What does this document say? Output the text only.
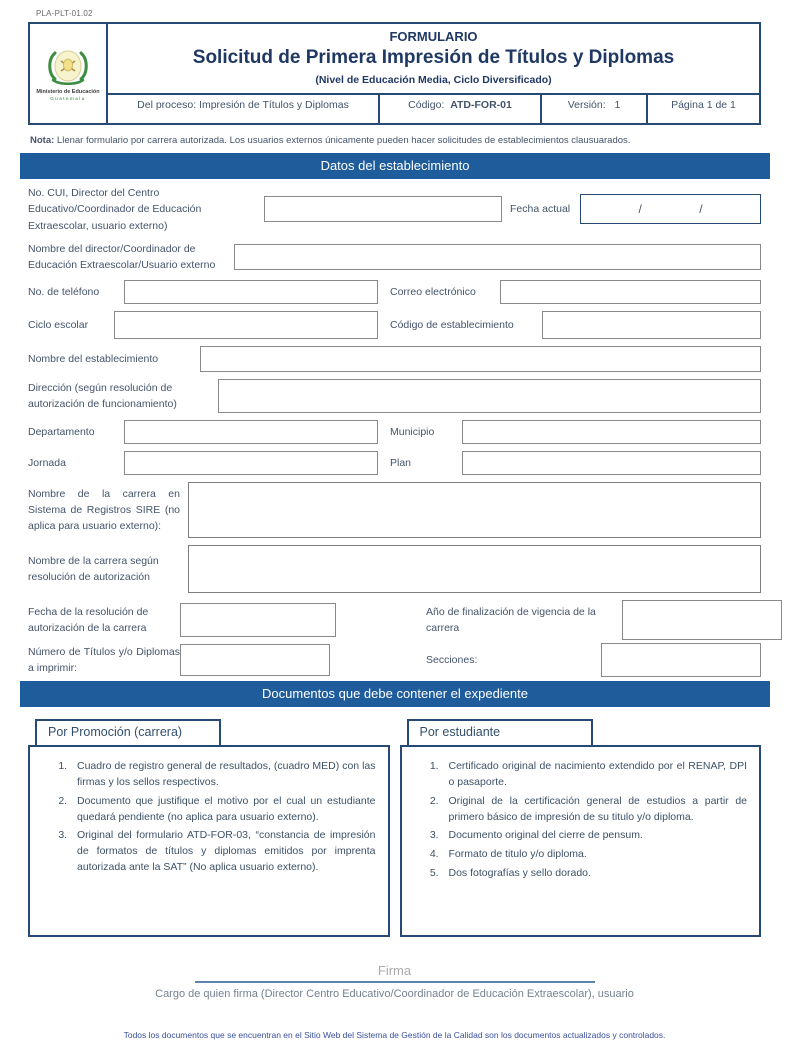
PLA-PLT-01.02
Ministerio de Educación
Guatemala
FORMULARIO
Solicitud de Primera Impresión de Títulos y Diplomas
(Nivel de Educación Media, Ciclo Diversificado)
Del proceso: Impresión de Títulos y Diplomas	Código: ATD-FOR-01	Versión: 1	Página 1 de 1
Nota: Llenar formulario por carrera autorizada. Los usuarios externos únicamente pueden hacer solicitudes de establecimientos clausuarados.
Datos del establecimiento
No. CUI, Director del Centro Educativo/Coordinador de Educación Extraescolar, usuario externo)
Fecha actual	/	/
Nombre del director/Coordinador de Educación Extraescolar/Usuario externo
No. de teléfono	Correo electrónico
Ciclo escolar	Código de establecimiento
Nombre del establecimiento
Dirección (según resolución de autorización de funcionamiento)
Departamento	Municipio
Jornada	Plan
Nombre de la carrera en Sistema de Registros SIRE (no aplica para usuario externo):
Nombre de la carrera según resolución de autorización
Fecha de la resolución de autorización de la carrera
Año de finalización de vigencia de la carrera
Número de Títulos y/o Diplomas a imprimir:
Secciones:
Documentos que debe contener el expediente
Por Promoción (carrera)
1. Cuadro de registro general de resultados, (cuadro MED) con las firmas y los sellos respectivos.
2. Documento que justifique el motivo por el cual un estudiante quedará pendiente (no aplica para usuario externo).
3. Original del formulario ATD-FOR-03, “constancia de impresión de formatos de títulos y diplomas emitidos por imprenta autorizada ante la SAT” (No aplica usuario externo).
Por estudiante
1. Certificado original de nacimiento extendido por el RENAP, DPI o pasaporte.
2. Original de la certificación general de estudios a partir de primero básico de impresión de su titulo y/o diploma.
3. Documento original del cierre de pensum.
4. Formato de titulo y/o diploma.
5. Dos fotografías y sello dorado.
Firma
Cargo de quien firma (Director Centro Educativo/Coordinador de Educación Extraescolar), usuario
Todos los documentos que se encuentran en el Sitio Web del Sistema de Gestión de la Calidad son los documentos actualizados y controlados.
